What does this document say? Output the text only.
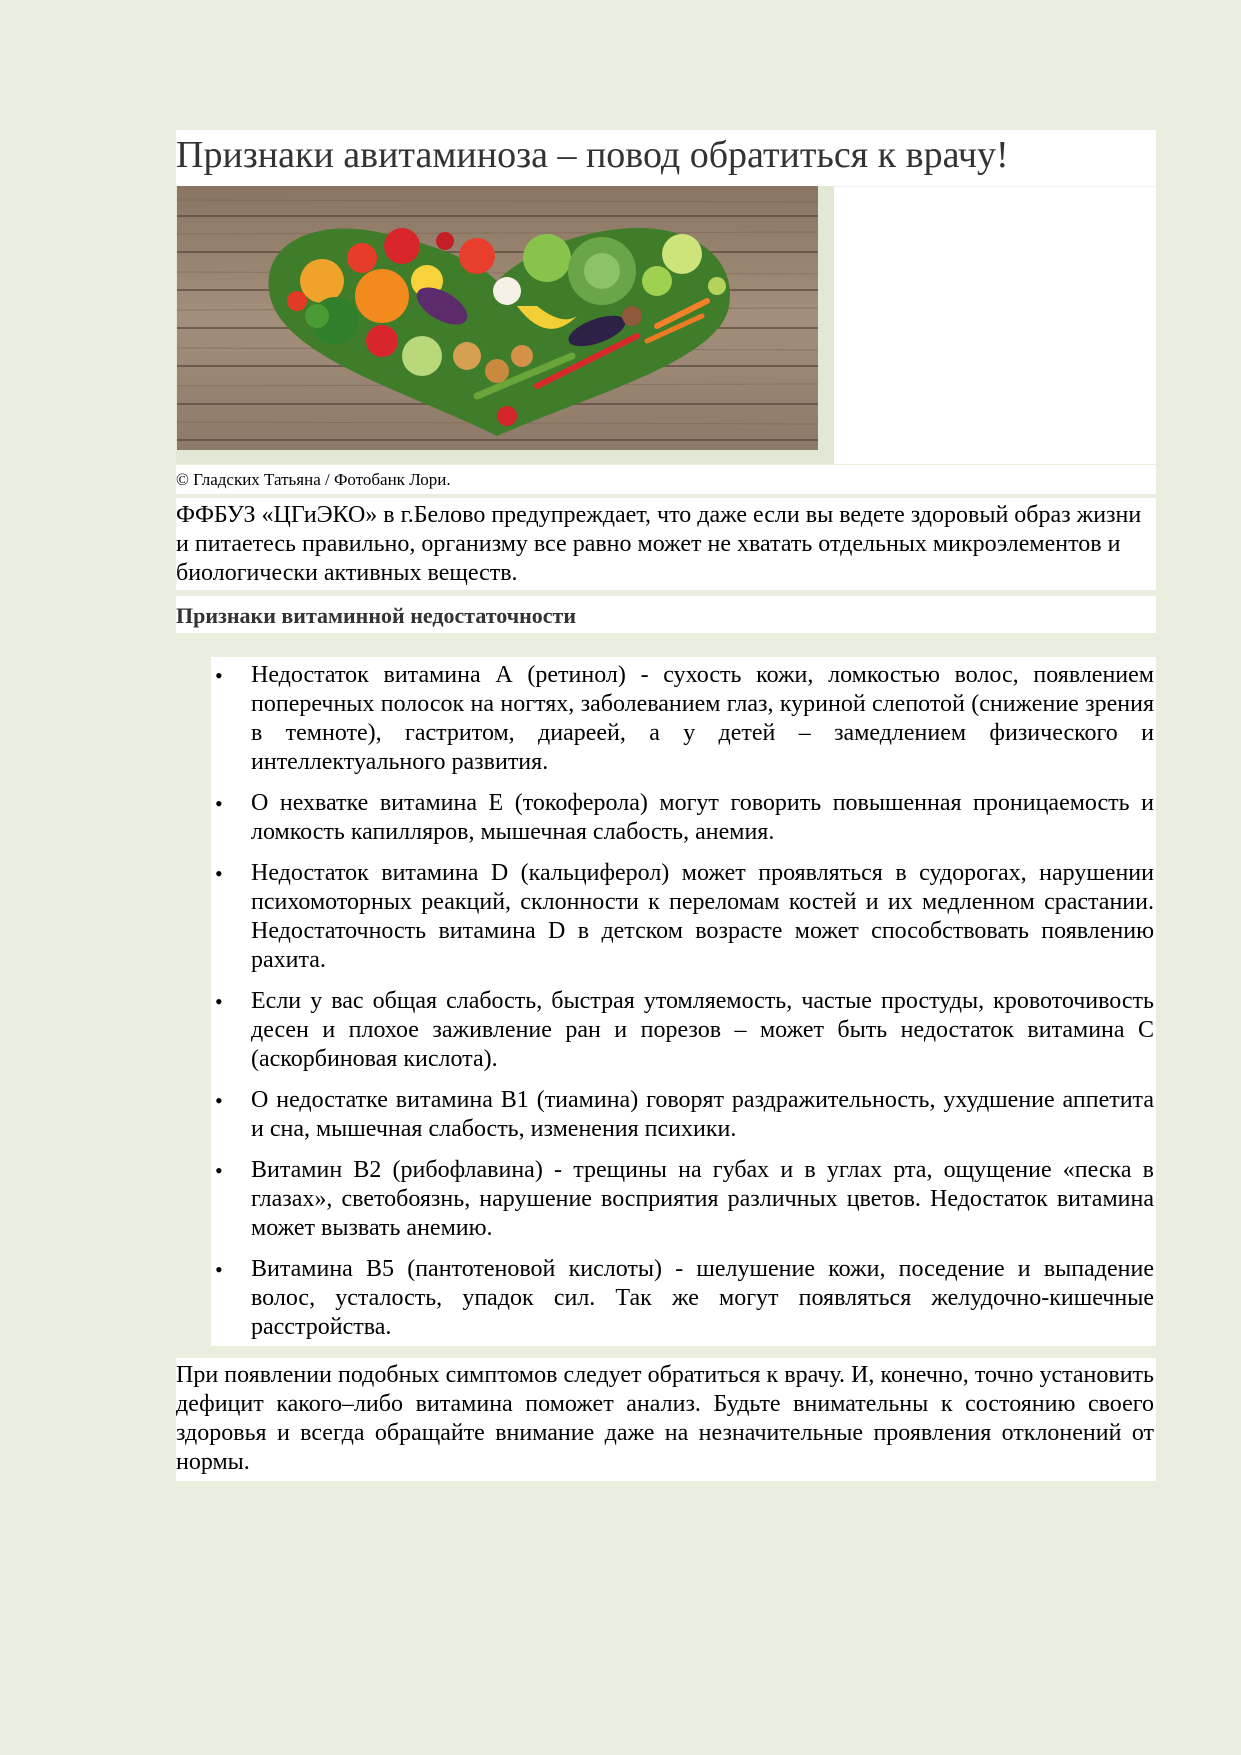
Признаки авитаминоза – повод обратиться к врачу!
© Гладских Татьяна / Фотобанк Лори.

ФФБУЗ «ЦГиЭКО» в г.Белово предупреждает, что даже если вы ведете здоровый образ жизни и питаетесь правильно, организму все равно может не хватать отдельных микроэлементов и биологически активных веществ.

Признаки витаминной недостаточности
• Недостаток витамина А (ретинол) - сухость кожи, ломкостью волос, появлением поперечных полосок на ногтях, заболеванием глаз, куриной слепотой (снижение зрения в темноте), гастритом, диареей, а у детей – замедлением физического и интеллектуального развития.
• О нехватке витамина Е (токоферола) могут говорить повышенная проницаемость и ломкость капилляров, мышечная слабость, анемия.
• Недостаток витамина D (кальциферол) может проявляться в судорогах, нарушении психомоторных реакций, склонности к переломам костей и их медленном срастании. Недостаточность витамина D в детском возрасте может способствовать появлению рахита.
• Если у вас общая слабость, быстрая утомляемость, частые простуды, кровоточивость десен и плохое заживление ран и порезов – может быть недостаток витамина С (аскорбиновая кислота).
• О недостатке витамина В1 (тиамина) говорят раздражительность, ухудшение аппетита и сна, мышечная слабость, изменения психики.
• Витамин В2 (рибофлавина) - трещины на губах и в углах рта, ощущение «песка в глазах», светобоязнь, нарушение восприятия различных цветов. Недостаток витамина может вызвать анемию.
• Витамина В5 (пантотеновой кислоты) - шелушение кожи, поседение и выпадение волос, усталость, упадок сил. Так же могут появляться желудочно-кишечные расстройства.

При появлении подобных симптомов следует обратиться к врачу. И, конечно, точно установить дефицит какого–либо витамина поможет анализ. Будьте внимательны к состоянию своего здоровья и всегда обращайте внимание даже на незначительные проявления отклонений от нормы.
